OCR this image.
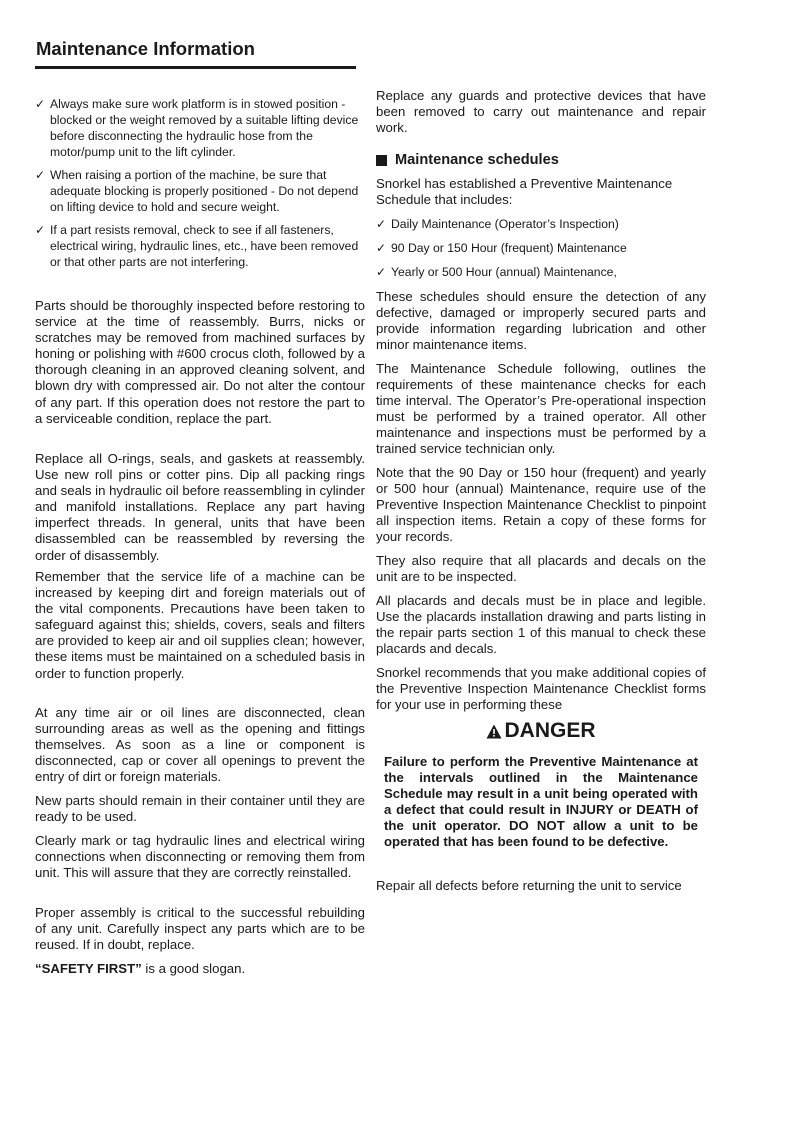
Maintenance Information
✓ Always make sure work platform is in stowed position - blocked or the weight removed by a suitable lifting device before disconnecting the hydraulic hose from the motor/pump unit to the lift cylinder.
✓ When raising a portion of the machine, be sure that adequate blocking is properly positioned - Do not depend on lifting device to hold and secure weight.
✓ If a part resists removal, check to see if all fasteners, electrical wiring, hydraulic lines, etc., have been removed or that other parts are not interfering.

Parts should be thoroughly inspected before restoring to service at the time of reassembly. Burrs, nicks or scratches may be removed from machined surfaces by honing or polishing with #600 crocus cloth, followed by a thorough cleaning in an approved cleaning solvent, and blown dry with compressed air. Do not alter the contour of any part. If this operation does not restore the part to a serviceable condition, replace the part.

Replace all O-rings, seals, and gaskets at reassembly. Use new roll pins or cotter pins. Dip all packing rings and seals in hydraulic oil before reassembling in cylinder and manifold installations. Replace any part having imperfect threads. In general, units that have been disassembled can be reassembled by reversing the order of disassembly.

Remember that the service life of a machine can be increased by keeping dirt and foreign materials out of the vital components. Precautions have been taken to safeguard against this; shields, covers, seals and filters are provided to keep air and oil supplies clean; however, these items must be maintained on a scheduled basis in order to function properly.

At any time air or oil lines are disconnected, clean surrounding areas as well as the opening and fittings themselves. As soon as a line or component is disconnected, cap or cover all openings to prevent the entry of dirt or foreign materials.

New parts should remain in their container until they are ready to be used.

Clearly mark or tag hydraulic lines and electrical wiring connections when disconnecting or removing them from unit. This will assure that they are correctly reinstalled.

Proper assembly is critical to the successful rebuilding of any unit. Carefully inspect any parts which are to be reused. If in doubt, replace.

“SAFETY FIRST” is a good slogan.

Replace any guards and protective devices that have been removed to carry out maintenance and repair work.

Maintenance schedules

Snorkel has established a Preventive Maintenance Schedule that includes:

✓ Daily Maintenance (Operator’s Inspection)
✓ 90 Day or 150 Hour (frequent) Maintenance
✓ Yearly or 500 Hour (annual) Maintenance,

These schedules should ensure the detection of any defective, damaged or improperly secured parts and provide information regarding lubrication and other minor maintenance items.

The Maintenance Schedule following, outlines the requirements of these maintenance checks for each time interval. The Operator’s Pre-operational inspection must be performed by a trained operator. All other maintenance and inspections must be performed by a trained service technician only.

Note that the 90 Day or 150 hour (frequent) and yearly or 500 hour (annual) Maintenance, require use of the Preventive Inspection Maintenance Checklist to pinpoint all inspection items. Retain a copy of these forms for your records.

They also require that all placards and decals on the unit are to be inspected.

All placards and decals must be in place and legible. Use the placards installation drawing and parts listing in the repair parts section 1 of this manual to check these placards and decals.

Snorkel recommends that you make additional copies of the Preventive Inspection Maintenance Checklist forms for your use in performing these

DANGER

Failure to perform the Preventive Maintenance at the intervals outlined in the Maintenance Schedule may result in a unit being operated with a defect that could result in INJURY or DEATH of the unit operator. DO NOT allow a unit to be operated that has been found to be defective.

Repair all defects before returning the unit to service
